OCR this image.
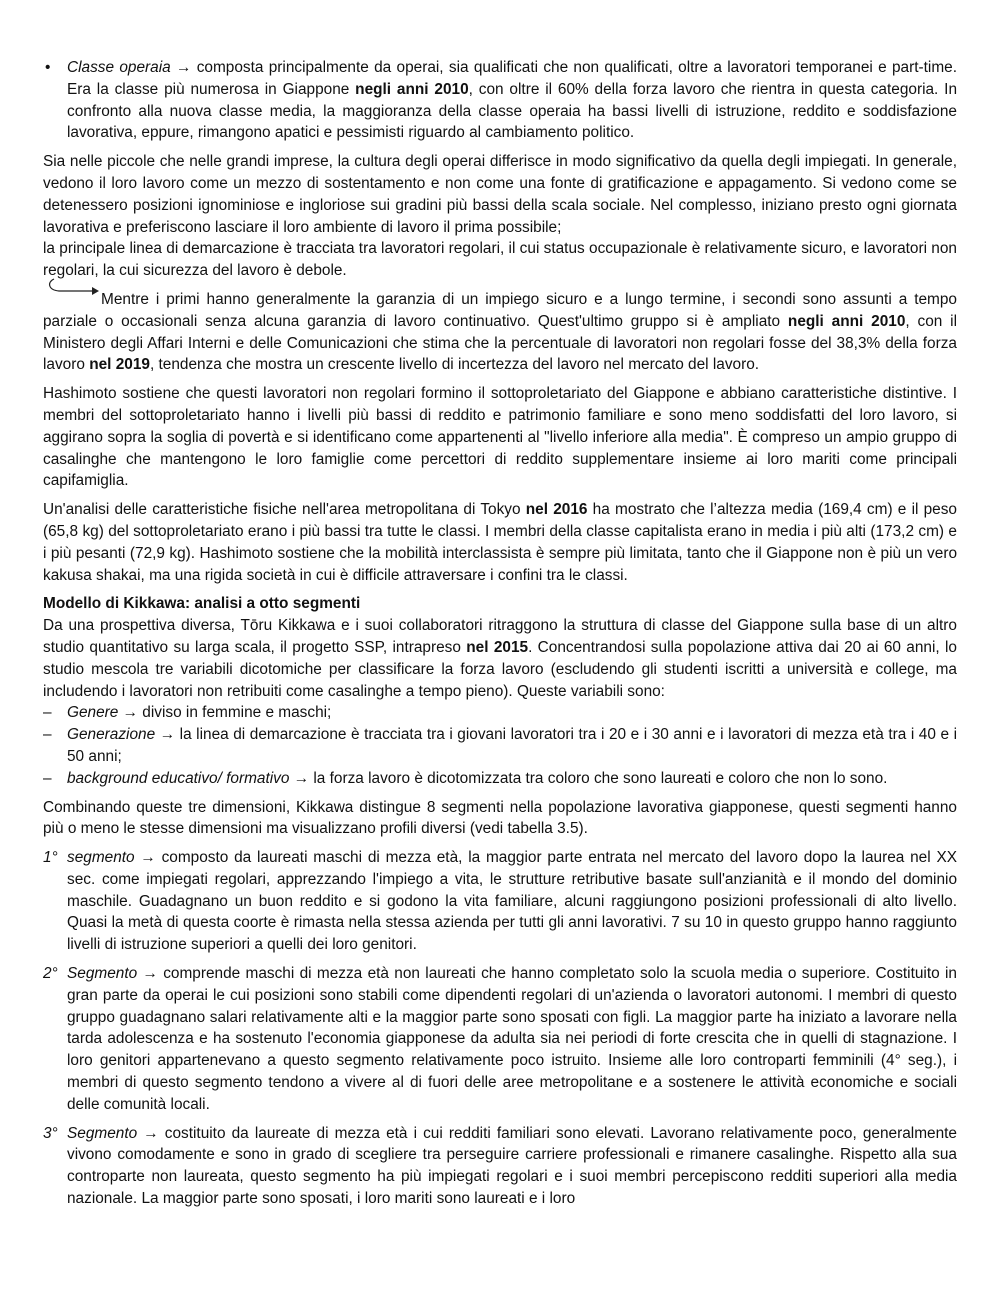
• Classe operaia → composta principalmente da operai, sia qualificati che non qualificati, oltre a lavoratori temporanei e part-time. Era la classe più numerosa in Giappone negli anni 2010, con oltre il 60% della forza lavoro che rientra in questa categoria. In confronto alla nuova classe media, la maggioranza della classe operaia ha bassi livelli di istruzione, reddito e soddisfazione lavorativa, eppure, rimangono apatici e pessimisti riguardo al cambiamento politico.

Sia nelle piccole che nelle grandi imprese, la cultura degli operai differisce in modo significativo da quella degli impiegati. In generale, vedono il loro lavoro come un mezzo di sostentamento e non come una fonte di gratificazione e appagamento. Si vedono come se detenessero posizioni ignominiose e ingloriose sui gradini più bassi della scala sociale. Nel complesso, iniziano presto ogni giornata lavorativa e preferiscono lasciare il loro ambiente di lavoro il prima possibile;

la principale linea di demarcazione è tracciata tra lavoratori regolari, il cui status occupazionale è relativamente sicuro, e lavoratori non regolari, la cui sicurezza del lavoro è debole.

Mentre i primi hanno generalmente la garanzia di un impiego sicuro e a lungo termine, i secondi sono assunti a tempo parziale o occasionali senza alcuna garanzia di lavoro continuativo. Quest'ultimo gruppo si è ampliato negli anni 2010, con il Ministero degli Affari Interni e delle Comunicazioni che stima che la percentuale di lavoratori non regolari fosse del 38,3% della forza lavoro nel 2019, tendenza che mostra un crescente livello di incertezza del lavoro nel mercato del lavoro.

Hashimoto sostiene che questi lavoratori non regolari formino il sottoproletariato del Giappone e abbiano caratteristiche distintive. I membri del sottoproletariato hanno i livelli più bassi di reddito e patrimonio familiare e sono meno soddisfatti del loro lavoro, si aggirano sopra la soglia di povertà e si identificano come appartenenti al "livello inferiore alla media". È compreso un ampio gruppo di casalinghe che mantengono le loro famiglie come percettori di reddito supplementare insieme ai loro mariti come principali capifamiglia.

Un'analisi delle caratteristiche fisiche nell'area metropolitana di Tokyo nel 2016 ha mostrato che l’altezza media (169,4 cm) e il peso (65,8 kg) del sottoproletariato erano i più bassi tra tutte le classi. I membri della classe capitalista erano in media i più alti (173,2 cm) e i più pesanti (72,9 kg). Hashimoto sostiene che la mobilità interclassista è sempre più limitata, tanto che il Giappone non è più un vero kakusa shakai, ma una rigida società in cui è difficile attraversare i confini tra le classi.

Modello di Kikkawa: analisi a otto segmenti

Da una prospettiva diversa, Tōru Kikkawa e i suoi collaboratori ritraggono la struttura di classe del Giappone sulla base di un altro studio quantitativo su larga scala, il progetto SSP, intrapreso nel 2015. Concentrandosi sulla popolazione attiva dai 20 ai 60 anni, lo studio mescola tre variabili dicotomiche per classificare la forza lavoro (escludendo gli studenti iscritti a università e college, ma includendo i lavoratori non retribuiti come casalinghe a tempo pieno). Queste variabili sono:

– Genere → diviso in femmine e maschi;
– Generazione → la linea di demarcazione è tracciata tra i giovani lavoratori tra i 20 e i 30 anni e i lavoratori di mezza età tra i 40 e i 50 anni;
– background educativo/ formativo → la forza lavoro è dicotomizzata tra coloro che sono laureati e coloro che non lo sono.

Combinando queste tre dimensioni, Kikkawa distingue 8 segmenti nella popolazione lavorativa giapponese, questi segmenti hanno più o meno le stesse dimensioni ma visualizzano profili diversi (vedi tabella 3.5).

1° segmento → composto da laureati maschi di mezza età, la maggior parte entrata nel mercato del lavoro dopo la laurea nel XX sec. come impiegati regolari, apprezzando l'impiego a vita, le strutture retributive basate sull'anzianità e il mondo del dominio maschile. Guadagnano un buon reddito e si godono la vita familiare, alcuni raggiungono posizioni professionali di alto livello. Quasi la metà di questa coorte è rimasta nella stessa azienda per tutti gli anni lavorativi. 7 su 10 in questo gruppo hanno raggiunto livelli di istruzione superiori a quelli dei loro genitori.
2° Segmento → comprende maschi di mezza età non laureati che hanno completato solo la scuola media o superiore. Costituito in gran parte da operai le cui posizioni sono stabili come dipendenti regolari di un'azienda o lavoratori autonomi. I membri di questo gruppo guadagnano salari relativamente alti e la maggior parte sono sposati con figli. La maggior parte ha iniziato a lavorare nella tarda adolescenza e ha sostenuto l'economia giapponese da adulta sia nei periodi di forte crescita che in quelli di stagnazione. I loro genitori appartenevano a questo segmento relativamente poco istruito. Insieme alle loro controparti femminili (4° seg.), i membri di questo segmento tendono a vivere al di fuori delle aree metropolitane e a sostenere le attività economiche e sociali delle comunità locali.
3° Segmento → costituito da laureate di mezza età i cui redditi familiari sono elevati. Lavorano relativamente poco, generalmente vivono comodamente e sono in grado di scegliere tra perseguire carriere professionali e rimanere casalinghe. Rispetto alla sua controparte non laureata, questo segmento ha più impiegati regolari e i suoi membri percepiscono redditi superiori alla media nazionale. La maggior parte sono sposati, i loro mariti sono laureati e i loro
